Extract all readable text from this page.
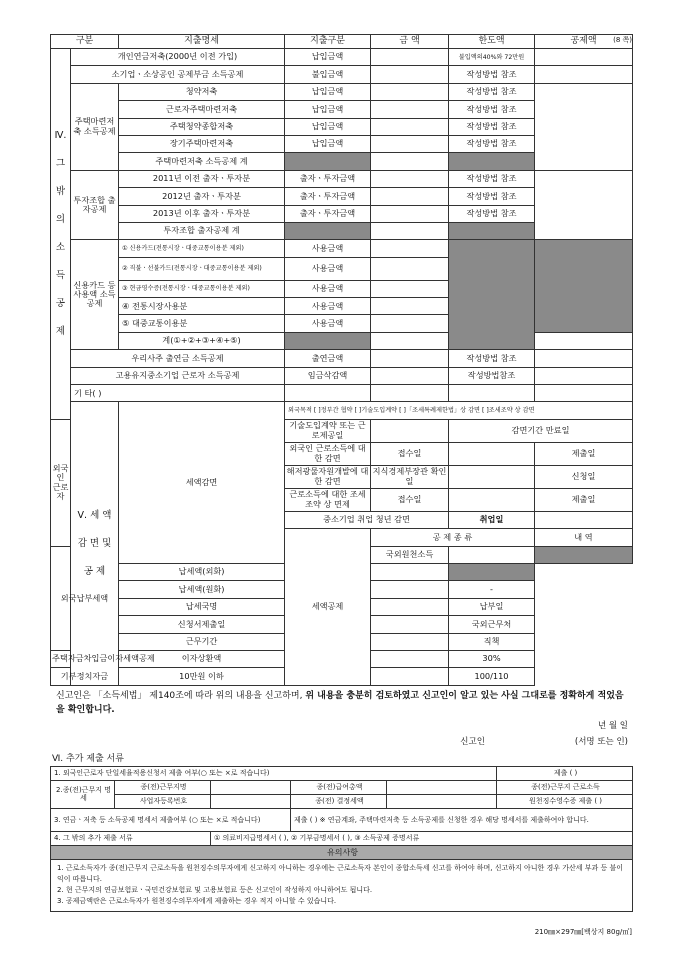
(8 쪽)
구분		지출명세	지출구분	금 액	한도액	공제액	
Ⅳ. 그 밖 의 소 득 공 제	개인연금저축(2000년 이전 가입)		납입금액		불입액의40%와 72만원		
	소기업ㆍ소상공인 공제부금 소득공제		불입금액		작성방법 참조		
	주택마련저축 소득공제	청약저축	납입금액		작성방법 참조		
		근로자주택마련저축	납입금액		작성방법 참조		
		주택청약종합저축	납입금액		작성방법 참조		
		장기주택마련저축	납입금액		작성방법 참조		
		주택마련저축 소득공제 계					
	투자조합 출자공제	2011년 이전 출자ㆍ투자분	출자ㆍ투자금액		작성방법 참조		
		2012년 출자ㆍ투자분	출자ㆍ투자금액		작성방법 참조		
		2013년 이후 출자ㆍ투자분	출자ㆍ투자금액		작성방법 참조		
		투자조합 출자공제 계					
	신용카드 등 사용액 소득공제	① 신용카드(전통시장ㆍ대중교통이용분 제외)	사용금액				
		② 직불ㆍ선불카드(전통시장ㆍ대중교통이용분 제외)	사용금액				
		③ 현금영수증(전통시장ㆍ대중교통이용분 제외)	사용금액				
		④ 전통시장사용분	사용금액				
		⑤ 대중교통이용분	사용금액				
		계(①+②+③+④+⑤)					
	우리사주 출연금 소득공제		출연금액		작성방법 참조		
	고용유지중소기업 근로자 소득공제		임금삭감액		작성방법참조		
	기 타( )						
	Ⅴ. 세 액 감 면 및 공 제	세액감면	외국목적 [ ]정부간 협약 [ ]기술도입계약 [ ]「조세특례제한법」상 감면 [ ]조세조약 상 감면				
외국인 근로자			기술도입계약 또는 근로제공일		감면기간 만료일		
			외국인 근로소득에 대한 감면	접수일		제출일	
			해저광물자원개발에 대한 감면	지식경제부장관 확인일		신청일	
			근로소득에 대한 조세조약 상 면제	접수일		제출일	
			중소기업 취업 청년 감면		취업일		
			세액공제	공 제 종 류		내 역	
외국납부세액				국외원천소득			
		납세액(외화)					
		납세액(원화)			-		
		납세국명			납부일		
		신청서제출일			국외근무처		
		근무기간			직책		
주택자금차입금이자세액공제		이자상환액			30%		
기부정치자금		10만원 이하			100/110		
신고인은 「소득세법」 제140조에 따라 위의 내용을 신고하며, 위 내용을 충분히 검토하였고 신고인이 알고 있는 사실 그대로를 정확하게 적었음을 확인합니다.
년 월 일
신고인	(서명 또는 인)
Ⅵ. 추가 제출 서류
1. 외국인근로자 단일세율적용신청서 제출 여부(○ 또는 ×로 적습니다)					제출 ( )
2.종(전)근무지 명세	종(전)근무지명		종(전)급여총액		종(전)근무지 근로소득
	사업자등록번호		종(전) 결정세액		원천징수영수증 제출 ( )
3. 연금ㆍ저축 등 소득공제 명세서 제출여부 (○ 또는 ×로 적습니다)			제출 ( ) ※ 연금계좌, 주택마련저축 등 소득공제를 신청한 경우 해당 명세서를 제출하여야 합니다.		
4. 그 밖의 추가 제출 서류		① 의료비지급명세서 ( ), ② 기부금명세서 ( ), ③ 소득공제 증명서류			
유의사항					

1. 근로소득자가 종(전)근무지 근로소득을 원천징수의무자에게 신고하지 아니하는 경우에는 근로소득자 본인이 종합소득세 신고를 하여야 하며, 신고하지 아니한 경우 가산세 부과 등 불이익이 따릅니다.
2. 현 근무지의 연금보험료ㆍ국민건강보험료 및 고용보험료 등은 신고인이 작성하지 아니하여도 됩니다.
3. 공제금액란은 근로소득자가 원천징수의무자에게 제출하는 경우 적지 아니할 수 있습니다.					
210㎜×297㎜[백상지 80g/㎡]
